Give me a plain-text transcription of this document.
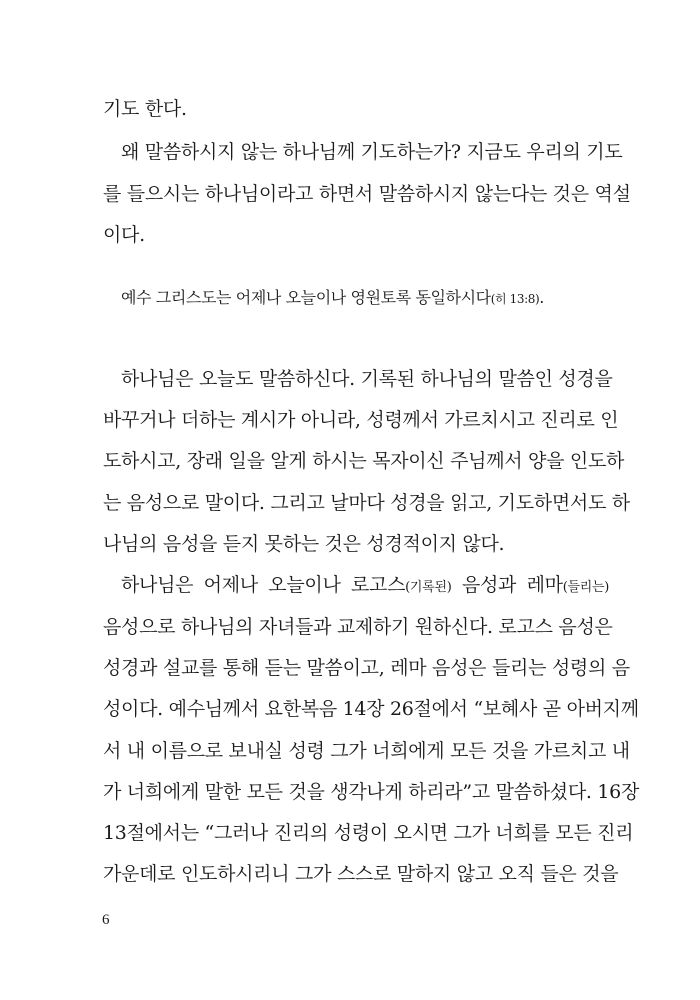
기도 한다.
왜 말씀하시지 않는 하나님께 기도하는가? 지금도 우리의 기도
를 들으시는 하나님이라고 하면서 말씀하시지 않는다는 것은 역설
이다.
예수 그리스도는 어제나 오늘이나 영원토록 동일하시다(히 13:8).
하나님은 오늘도 말씀하신다. 기록된 하나님의 말씀인 성경을
바꾸거나 더하는 계시가 아니라, 성령께서 가르치시고 진리로 인
도하시고, 장래 일을 알게 하시는 목자이신 주님께서 양을 인도하
는 음성으로 말이다. 그리고 날마다 성경을 읽고, 기도하면서도 하
나님의 음성을 듣지 못하는 것은 성경적이지 않다.
하나님은 어제나 오늘이나 로고스(기록된) 음성과 레마(들리는)
음성으로 하나님의 자녀들과 교제하기 원하신다. 로고스 음성은
성경과 설교를 통해 듣는 말씀이고, 레마 음성은 들리는 성령의 음
성이다. 예수님께서 요한복음 14장 26절에서 “보혜사 곧 아버지께
서 내 이름으로 보내실 성령 그가 너희에게 모든 것을 가르치고 내
가 너희에게 말한 모든 것을 생각나게 하리라”고 말씀하셨다. 16장
13절에서는 “그러나 진리의 성령이 오시면 그가 너희를 모든 진리
가운데로 인도하시리니 그가 스스로 말하지 않고 오직 들은 것을
6
